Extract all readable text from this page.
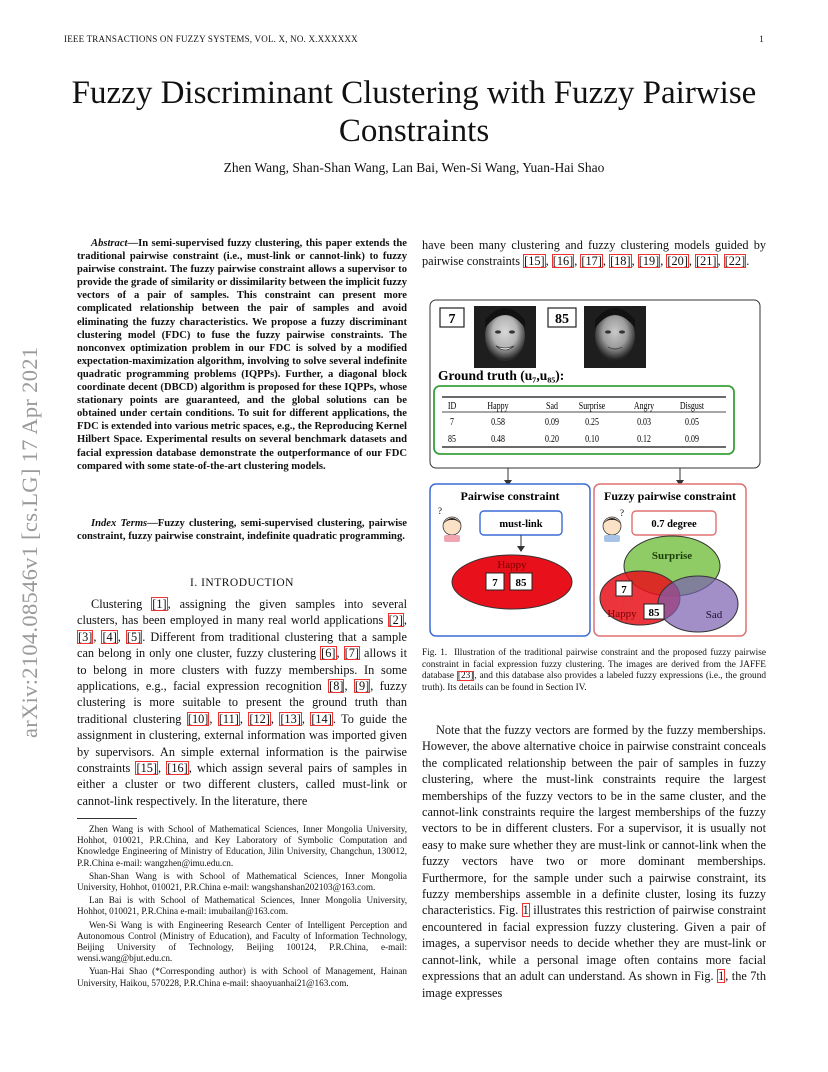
IEEE TRANSACTIONS ON FUZZY SYSTEMS, VOL. X, NO. X.XXXXXX	1
Fuzzy Discriminant Clustering with Fuzzy Pairwise Constraints
Zhen Wang, Shan-Shan Wang, Lan Bai, Wen-Si Wang, Yuan-Hai Shao
arXiv:2104.08546v1 [cs.LG] 17 Apr 2021
Abstract—In semi-supervised fuzzy clustering, this paper extends the traditional pairwise constraint (i.e., must-link or cannot-link) to fuzzy pairwise constraint. The fuzzy pairwise constraint allows a supervisor to provide the grade of similarity or dissimilarity between the implicit fuzzy vectors of a pair of samples. This constraint can present more complicated relationship between the pair of samples and avoid eliminating the fuzzy characteristics. We propose a fuzzy discriminant clustering model (FDC) to fuse the fuzzy pairwise constraints. The nonconvex optimization problem in our FDC is solved by a modified expectation-maximization algorithm, involving to solve several indefinite quadratic programming problems (IQPPs). Further, a diagonal block coordinate decent (DBCD) algorithm is proposed for these IQPPs, whose stationary points are guaranteed, and the global solutions can be obtained under certain conditions. To suit for different applications, the FDC is extended into various metric spaces, e.g., the Reproducing Kernel Hilbert Space. Experimental results on several benchmark datasets and facial expression database demonstrate the outperformance of our FDC compared with some state-of-the-art clustering models.
Index Terms—Fuzzy clustering, semi-supervised clustering, pairwise constraint, fuzzy pairwise constraint, indefinite quadratic programming.
I. INTRODUCTION

Clustering [1], assigning the given samples into several clusters, has been employed in many real world applications [2], [3], [4], [5]. Different from traditional clustering that a sample can belong in only one cluster, fuzzy clustering [6], [7] allows it to belong in more clusters with fuzzy memberships. In some applications, e.g., facial expression recognition [8], [9], fuzzy clustering is more suitable to present the ground truth than traditional clustering [10], [11], [12], [13], [14]. To guide the assignment in clustering, external information was imported given by supervisors. An simple external information is the pairwise constraints [15], [16], which assign several pairs of samples in either a cluster or two different clusters, called must-link or cannot-link respectively. In the literature, there

Zhen Wang is with School of Mathematical Sciences, Inner Mongolia University, Hohhot, 010021, P.R.China, and Key Laboratory of Symbolic Computation and Knowledge Engineering of Ministry of Education, Jilin University, Changchun, 130012, P.R.China e-mail: wangzhen@imu.edu.cn.

Shan-Shan Wang is with School of Mathematical Sciences, Inner Mongolia University, Hohhot, 010021, P.R.China e-mail: wangshanshan202103@163.com.

Lan Bai is with School of Mathematical Sciences, Inner Mongolia University, Hohhot, 010021, P.R.China e-mail: imubailan@163.com.

Wen-Si Wang is with Engineering Research Center of Intelligent Perception and Autonomous Control (Ministry of Education), and Faculty of Information Technology, Beijing University of Technology, Beijing 100124, P.R.China, e-mail: wensi.wang@bjut.edu.cn.

Yuan-Hai Shao (*Corresponding author) is with School of Management, Hainan University, Haikou, 570228, P.R.China e-mail: shaoyuanhai21@163.com.

have been many clustering and fuzzy clustering models guided by pairwise constraints [15], [16], [17], [18], [19], [20], [21], [22].

7	85
Ground truth (u₇,u₈₅):
ID	Happy	Sad Surprise	Angry Disgust
7	0.58	0.09 0.25	0.03	0.05
85	0.48	0.20 0.10	0.12	0.09
Pairwise constraint
?
must-link
Happy
7 85
Fuzzy pairwise constraint
?
0.7 degree
Surprise
Happy	Sad
7
0.7
85
Fig. 1.  Illustration of the traditional pairwise constraint and the proposed fuzzy pairwise constraint in facial expression fuzzy clustering. The images are derived from the JAFFE database [23], and this database also provides a labeled fuzzy expressions (i.e., the ground truth). Its details can be found in Section IV.

Note that the fuzzy vectors are formed by the fuzzy memberships. However, the above alternative choice in pairwise constraint conceals the complicated relationship between the pair of samples in fuzzy clustering, where the must-link constraints require the largest memberships of the fuzzy vectors to be in the same cluster, and the cannot-link constraints require the largest memberships of the fuzzy vectors to be in different clusters. For a supervisor, it is usually not easy to make sure whether they are must-link or cannot-link when the fuzzy vectors have two or more dominant memberships. Furthermore, for the sample under such a pairwise constraint, its fuzzy memberships assemble in a definite cluster, losing its fuzzy characteristics. Fig. 1 illustrates this restriction of pairwise constraint encountered in facial expression fuzzy clustering. Given a pair of images, a supervisor needs to decide whether they are must-link or cannot-link, while a personal image often contains more facial expressions that an adult can understand. As shown in Fig. 1, the 7th image expresses
